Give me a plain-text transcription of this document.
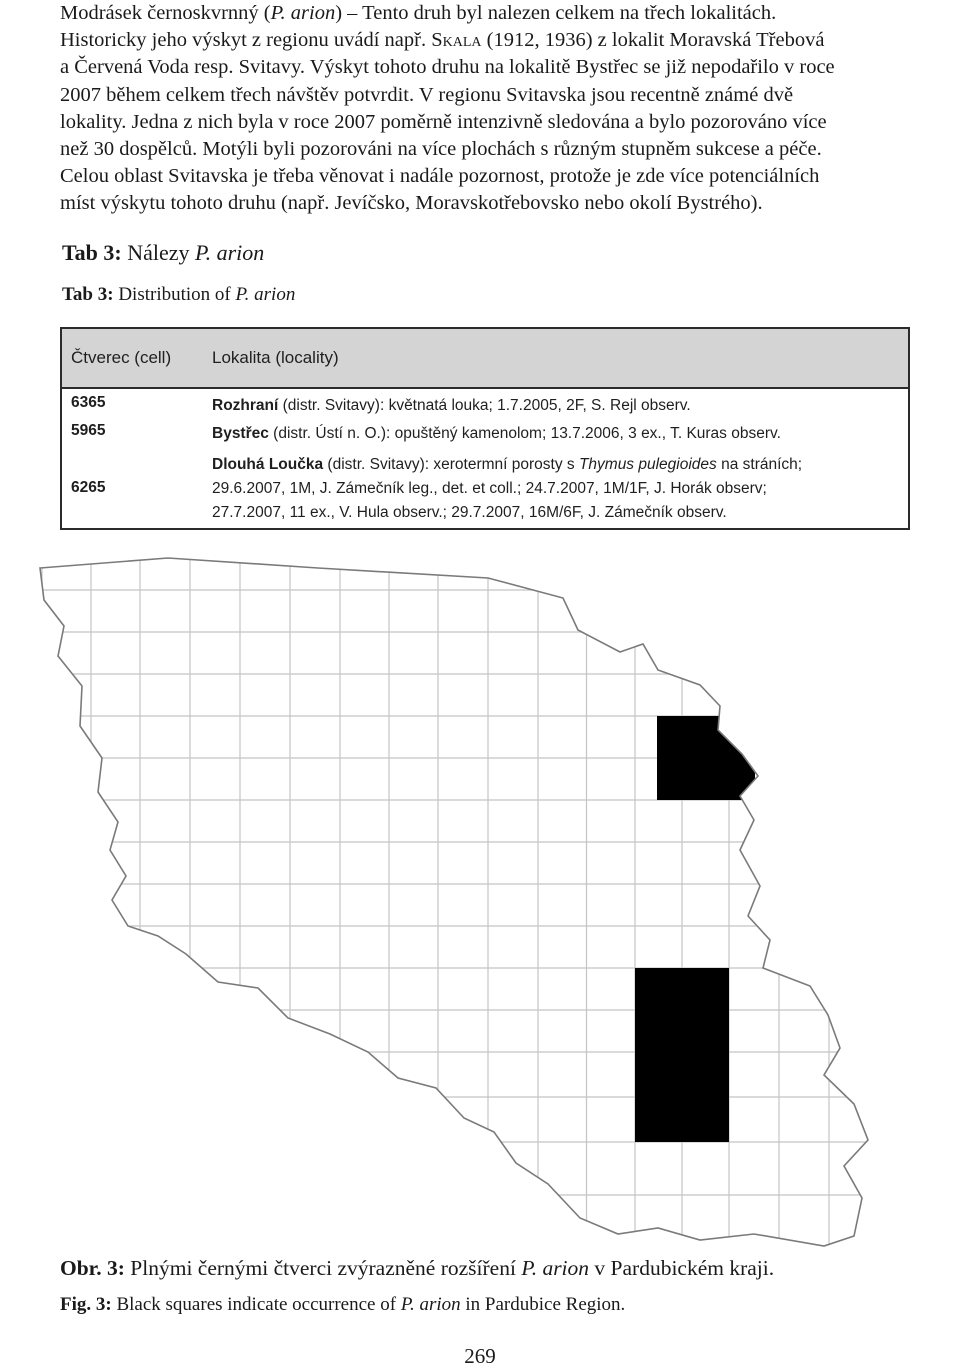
Modrásek černoskvrnný (P. arion) – Tento druh byl nalezen celkem na třech lokalitách.
Historicky jeho výskyt z regionu uvádí např. Skala (1912, 1936) z lokalit Moravská Třebová
a Červená Voda resp. Svitavy. Výskyt tohoto druhu na lokalitě Bystřec se již nepodařilo v roce
2007 během celkem třech návštěv potvrdit. V regionu Svitavska jsou recentně známé dvě
lokality. Jedna z nich byla v roce 2007 poměrně intenzivně sledována a bylo pozorováno více
než 30 dospělců. Motýli byli pozorováni na více plochách s různým stupněm sukcese a péče.
Celou oblast Svitavska je třeba věnovat i nadále pozornost, protože je zde více potenciálních
míst výskytu tohoto druhu (např. Jevíčsko, Moravskotřebovsko nebo okolí Bystrého).

Tab 3: Nálezy P. arion

Tab 3: Distribution of P. arion

Čtverec (cell) Lokalita (locality)
6365	Rozhraní (distr. Svitavy): květnatá louka; 1.7.2005, 2F, S. Rejl observ.
5965	Bystřec (distr. Ústí n. O.): opuštěný kamenolom; 13.7.2006, 3 ex., T. Kuras observ.
6265
Dlouhá Loučka (distr. Svitavy): xerotermní porosty s Thymus pulegioides na stráních;
29.6.2007, 1M, J. Zámečník leg., det. et coll.; 24.7.2007, 1M/1F, J. Horák observ;
27.7.2007, 11 ex., V. Hula observ.; 29.7.2007, 16M/6F, J. Zámečník observ.

Obr. 3: Plnými černými čtverci zvýrazněné rozšíření P. arion v Pardubickém kraji.

Fig. 3: Black squares indicate occurrence of P. arion in Pardubice Region.

269
